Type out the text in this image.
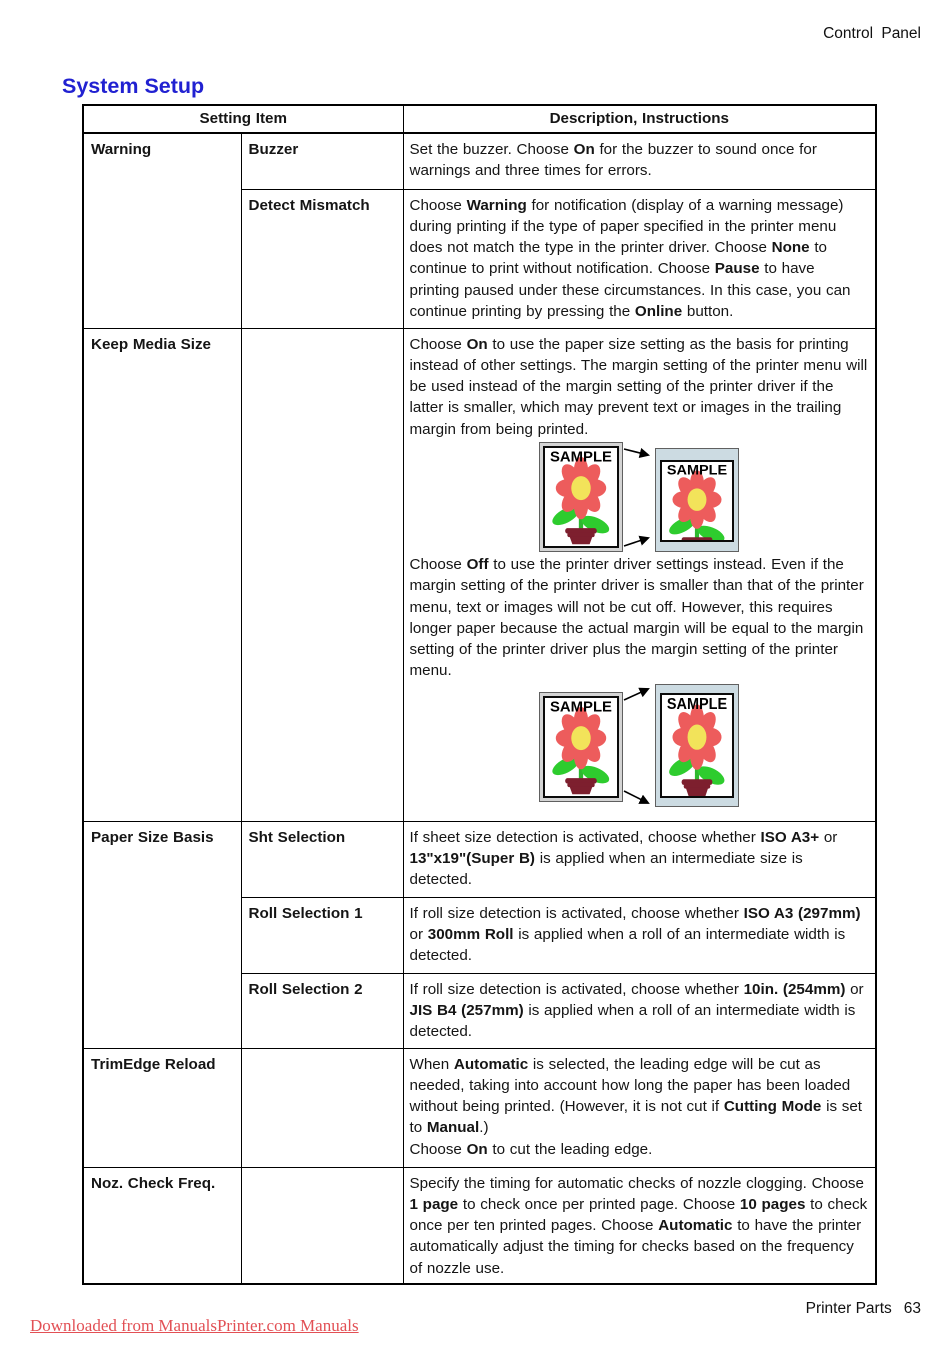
Control Panel
System Setup
Setting Item		Description, Instructions
Warning	Buzzer	Set the buzzer. Choose On for the buzzer to sound once for warnings and three times for errors.
	Detect Mismatch	Choose Warning for notification (display of a warning message) during printing if the type of paper specified in the printer menu does not match the type in the printer driver. Choose None to continue to print without notification. Choose Pause to have printing paused under these circumstances. In this case, you can continue printing by pressing the Online button.
Keep Media Size		Choose On to use the paper size setting as the basis for printing instead of other settings. The margin setting of the printer menu will be used instead of the margin setting of the printer driver if the latter is smaller, which may prevent text or images in the trailing margin from being printed.

SAMPLE
SAMPLE

Choose Off to use the printer driver settings instead. Even if the margin setting of the printer driver is smaller than that of the printer menu, text or images will not be cut off. However, this requires longer paper because the actual margin will be equal to the margin setting of the printer driver plus the margin setting of the printer menu.

SAMPLE	SAMPLE

Paper Size Basis	Sht Selection	If sheet size detection is activated, choose whether ISO A3+ or 13"x19"(Super B) is applied when an intermediate size is detected.
	Roll Selection 1	If roll size detection is activated, choose whether ISO A3 (297mm) or 300mm Roll is applied when a roll of an intermediate width is detected.
	Roll Selection 2	If roll size detection is activated, choose whether 10in. (254mm) or JIS B4 (257mm) is applied when a roll of an intermediate width is detected.
TrimEdge Reload		When Automatic is selected, the leading edge will be cut as needed, taking into account how long the paper has been loaded without being printed. (However, it is not cut if Cutting Mode is set to Manual.)
Choose On to cut the leading edge.
Noz. Check Freq.		Specify the timing for automatic checks of nozzle clogging. Choose 1 page to check once per printed page. Choose 10 pages to check once per ten printed pages. Choose Automatic to have the printer automatically adjust the timing for checks based on the frequency of nozzle use.
Printer Parts 63
Downloaded from ManualsPrinter.com Manuals
